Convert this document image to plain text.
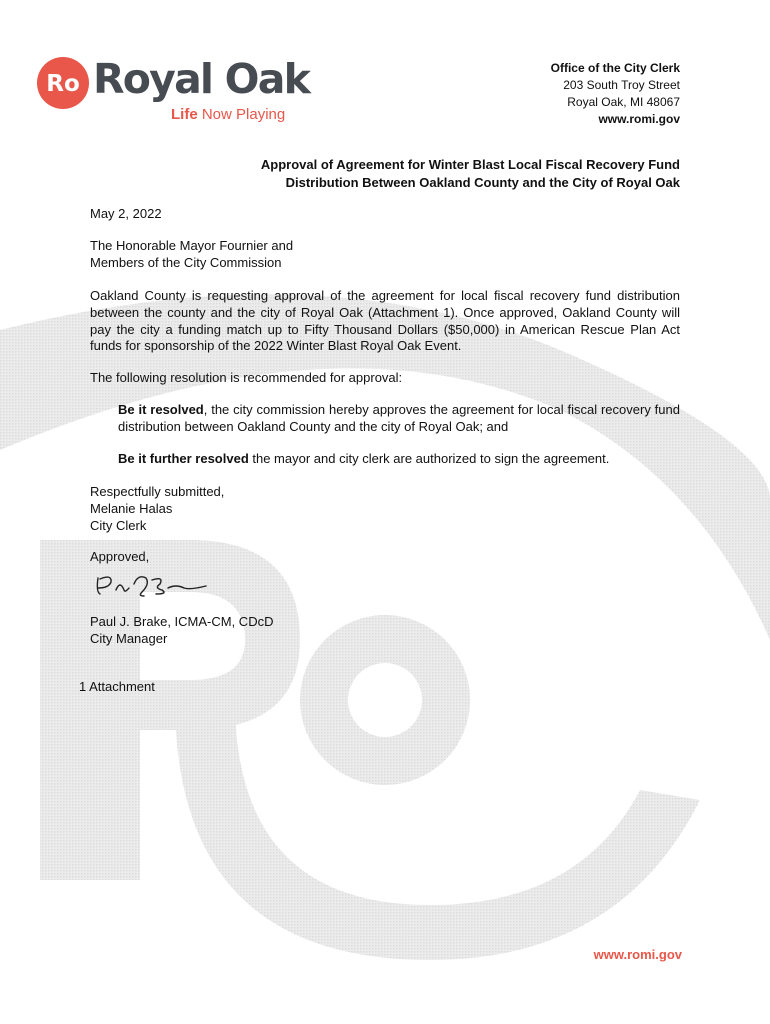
Ro Royal Oak
Life Now Playing
Office of the City Clerk
203 South Troy Street
Royal Oak, MI 48067
www.romi.gov
Approval of Agreement for Winter Blast Local Fiscal Recovery Fund
Distribution Between Oakland County and the City of Royal Oak
May 2, 2022
The Honorable Mayor Fournier and
Members of the City Commission
Oakland County is requesting approval of the agreement for local fiscal recovery fund distribution between the county and the city of Royal Oak (Attachment 1). Once approved, Oakland County will pay the city a funding match up to Fifty Thousand Dollars ($50,000) in American Rescue Plan Act funds for sponsorship of the 2022 Winter Blast Royal Oak Event.
The following resolution is recommended for approval:
Be it resolved, the city commission hereby approves the agreement for local fiscal recovery fund distribution between Oakland County and the city of Royal Oak; and
Be it further resolved the mayor and city clerk are authorized to sign the agreement.
Respectfully submitted,
Melanie Halas
City Clerk
Approved,
Paul J. Brake, ICMA-CM, CDcD
City Manager
1 Attachment
www.romi.gov
